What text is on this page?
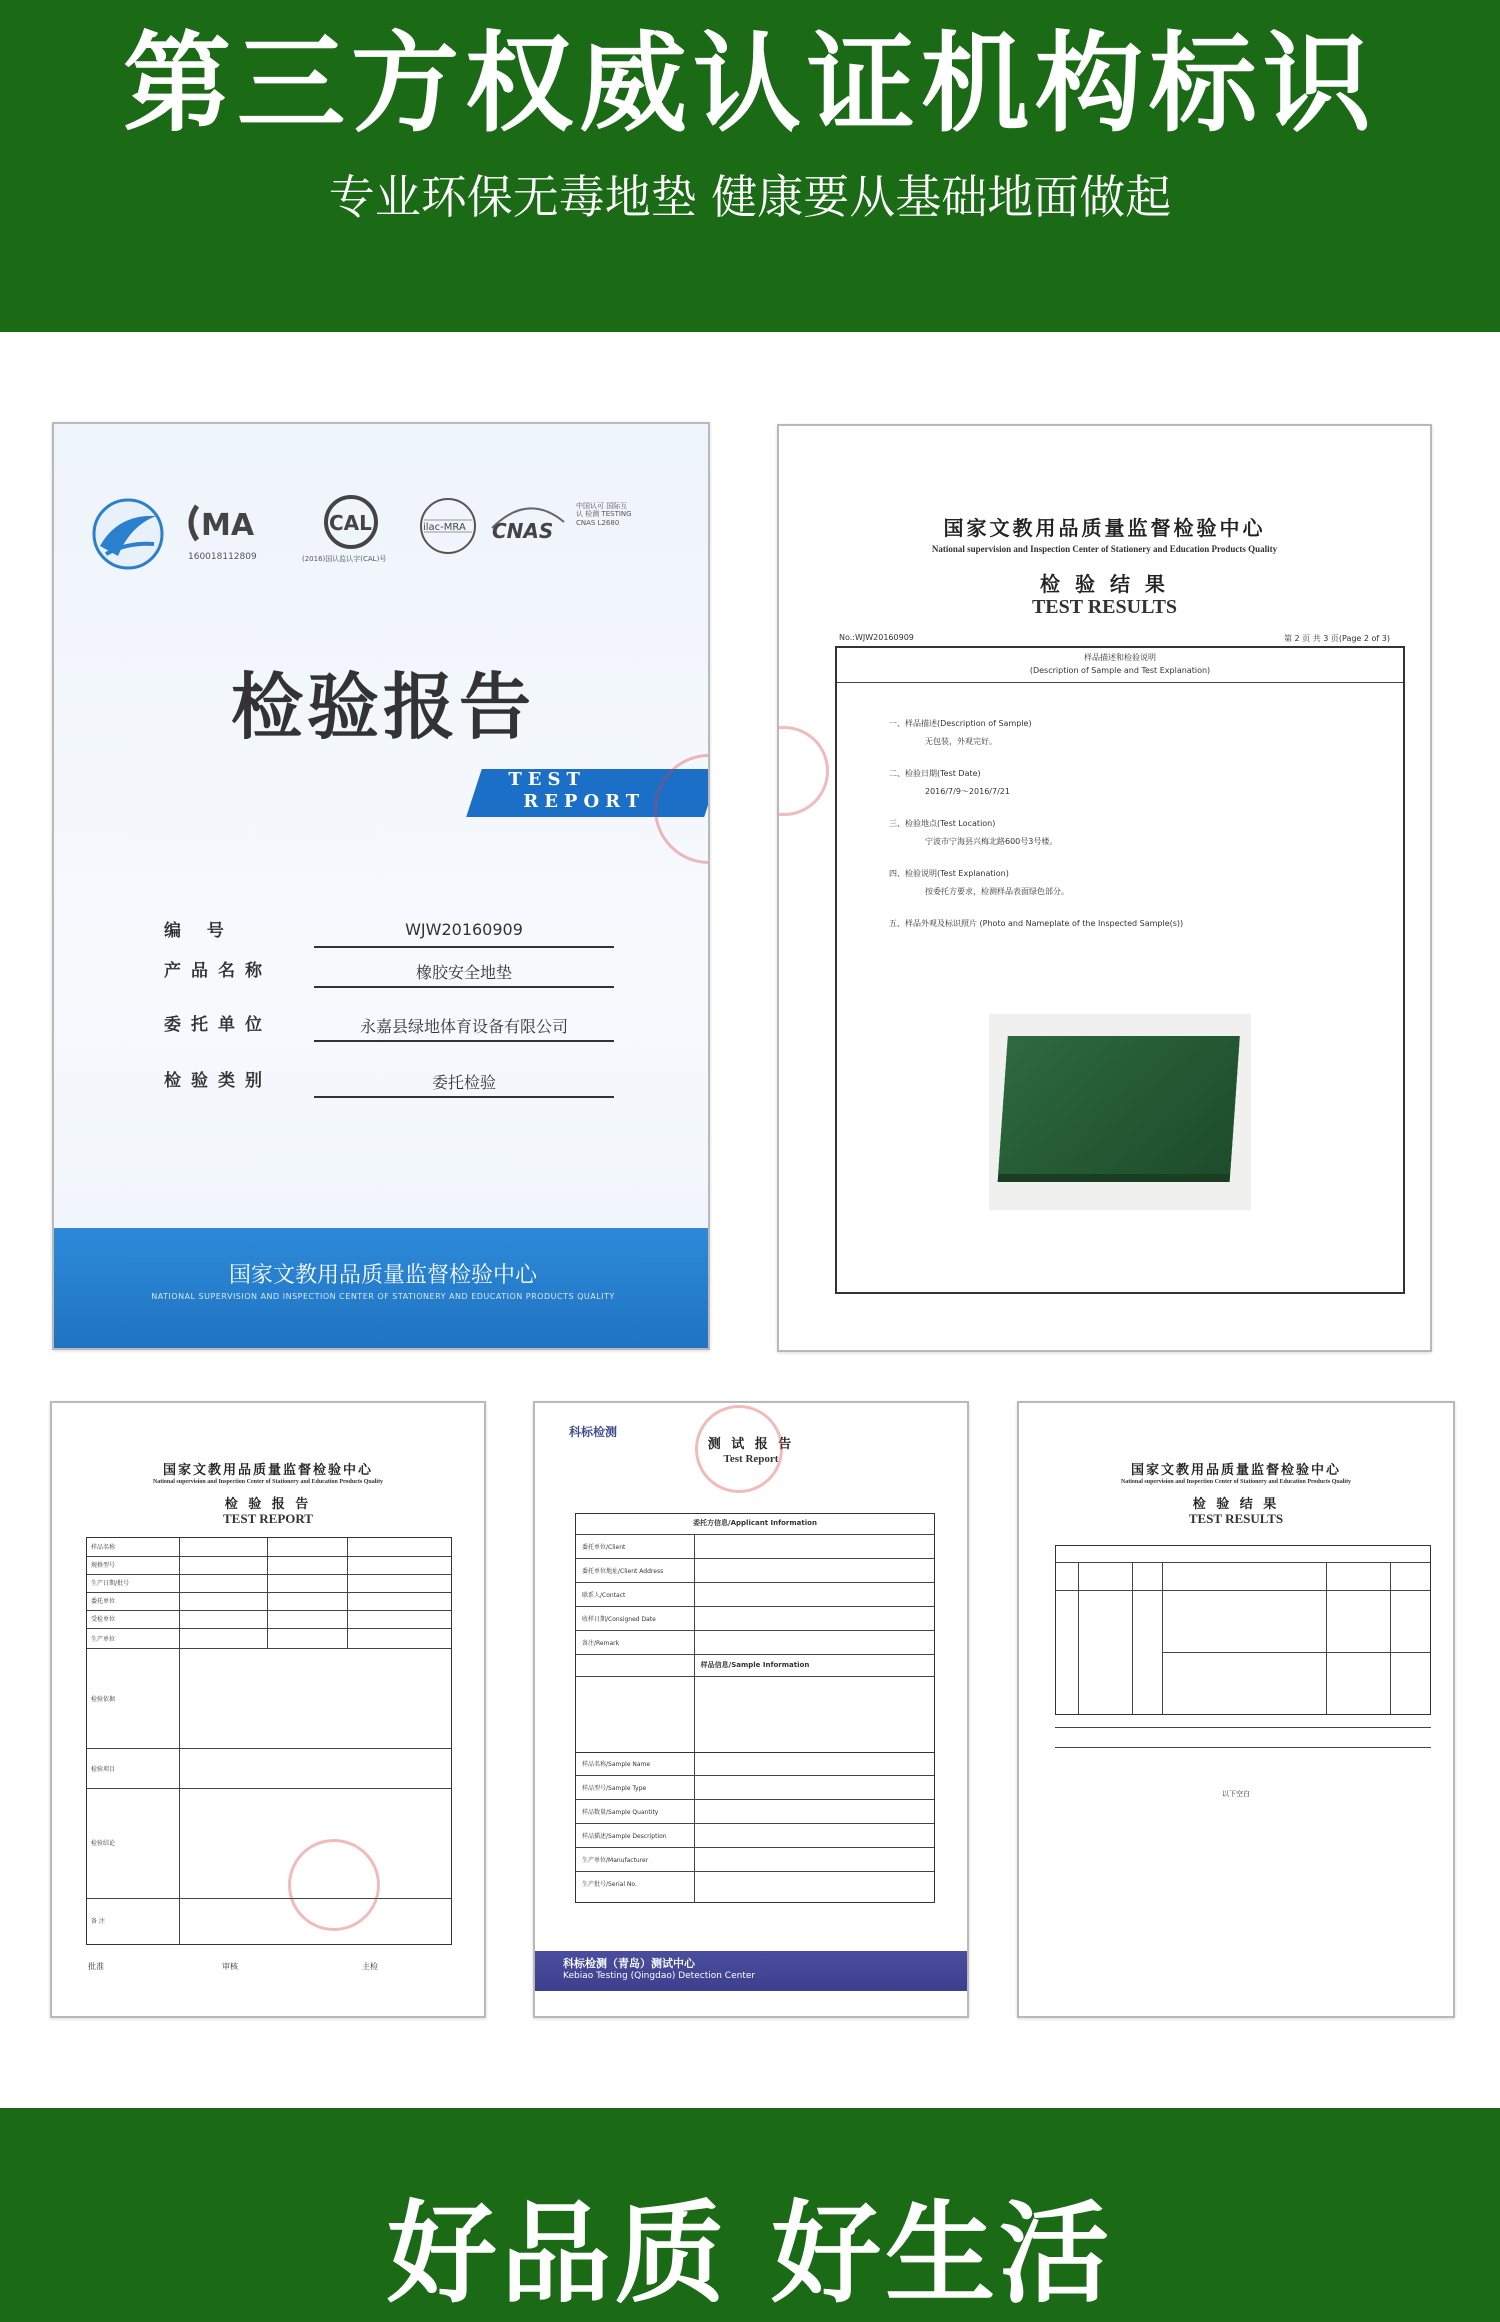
第三方权威认证机构标识
专业环保无毒地垫 健康要从基础地面做起
MA
160018112809
CAL
(2016)国认监认字(CAL)号
ilac-MRA CNAS
中国认可 国际互认 检测 TESTING CNAS L2680
检验报告
TEST
REPORT
编 号	WJW20160909
产品名称	橡胶安全地垫
委托单位	永嘉县绿地体育设备有限公司
检验类别	委托检验
国家文教用品质量监督检验中心
NATIONAL SUPERVISION AND INSPECTION CENTER OF STATIONERY AND EDUCATION PRODUCTS QUALITY
国家文教用品质量监督检验中心
National supervision and Inspection Center of Stationery and Education Products Quality
检 验 结 果
TEST RESULTS
No.:WJW20160909	第 2 页 共 3 页(Page 2 of 3)
样品描述和检验说明
(Description of Sample and Test Explanation)
一、样品描述(Description of Sample)
无包装，外观完好。
二、检验日期(Test Date)
2016/7/9～2016/7/21
三、检验地点(Test Location)
宁波市宁海县兴梅北路600号3号楼。
四、检验说明(Test Explanation)
按委托方要求，检测样品表面绿色部分。
五、样品外观及标识照片 (Photo and Nameplate of the Inspected Sample(s))
国家文教用品质量监督检验中心
National supervision and Inspection Center of Stationery and Education Products Quality
检 验 报 告
TEST REPORT
样品名称
规格型号
生产日期/批号
委托单位
受检单位
生产单位
检验依据
检验项目
检验结论
备 注
批准	审核	主检
科标检测
测 试 报 告
Test Report
委托方信息/Applicant Information
委托单位/Client
委托单位地址/Client Address
联系人/Contact
收样日期/Consigned Date
备注/Remark
样品信息/Sample Information
样品名称/Sample Name
样品型号/Sample Type
样品数量/Sample Quantity
样品描述/Sample Description
生产单位/Manufacturer
生产批号/Serial No.
科标检测（青岛）测试中心
Kebiao Testing (Qingdao) Detection Center
国家文教用品质量监督检验中心
National supervision and Inspection Center of Stationery and Education Products Quality
检 验 结 果
TEST RESULTS
以下空白
好品质 好生活
